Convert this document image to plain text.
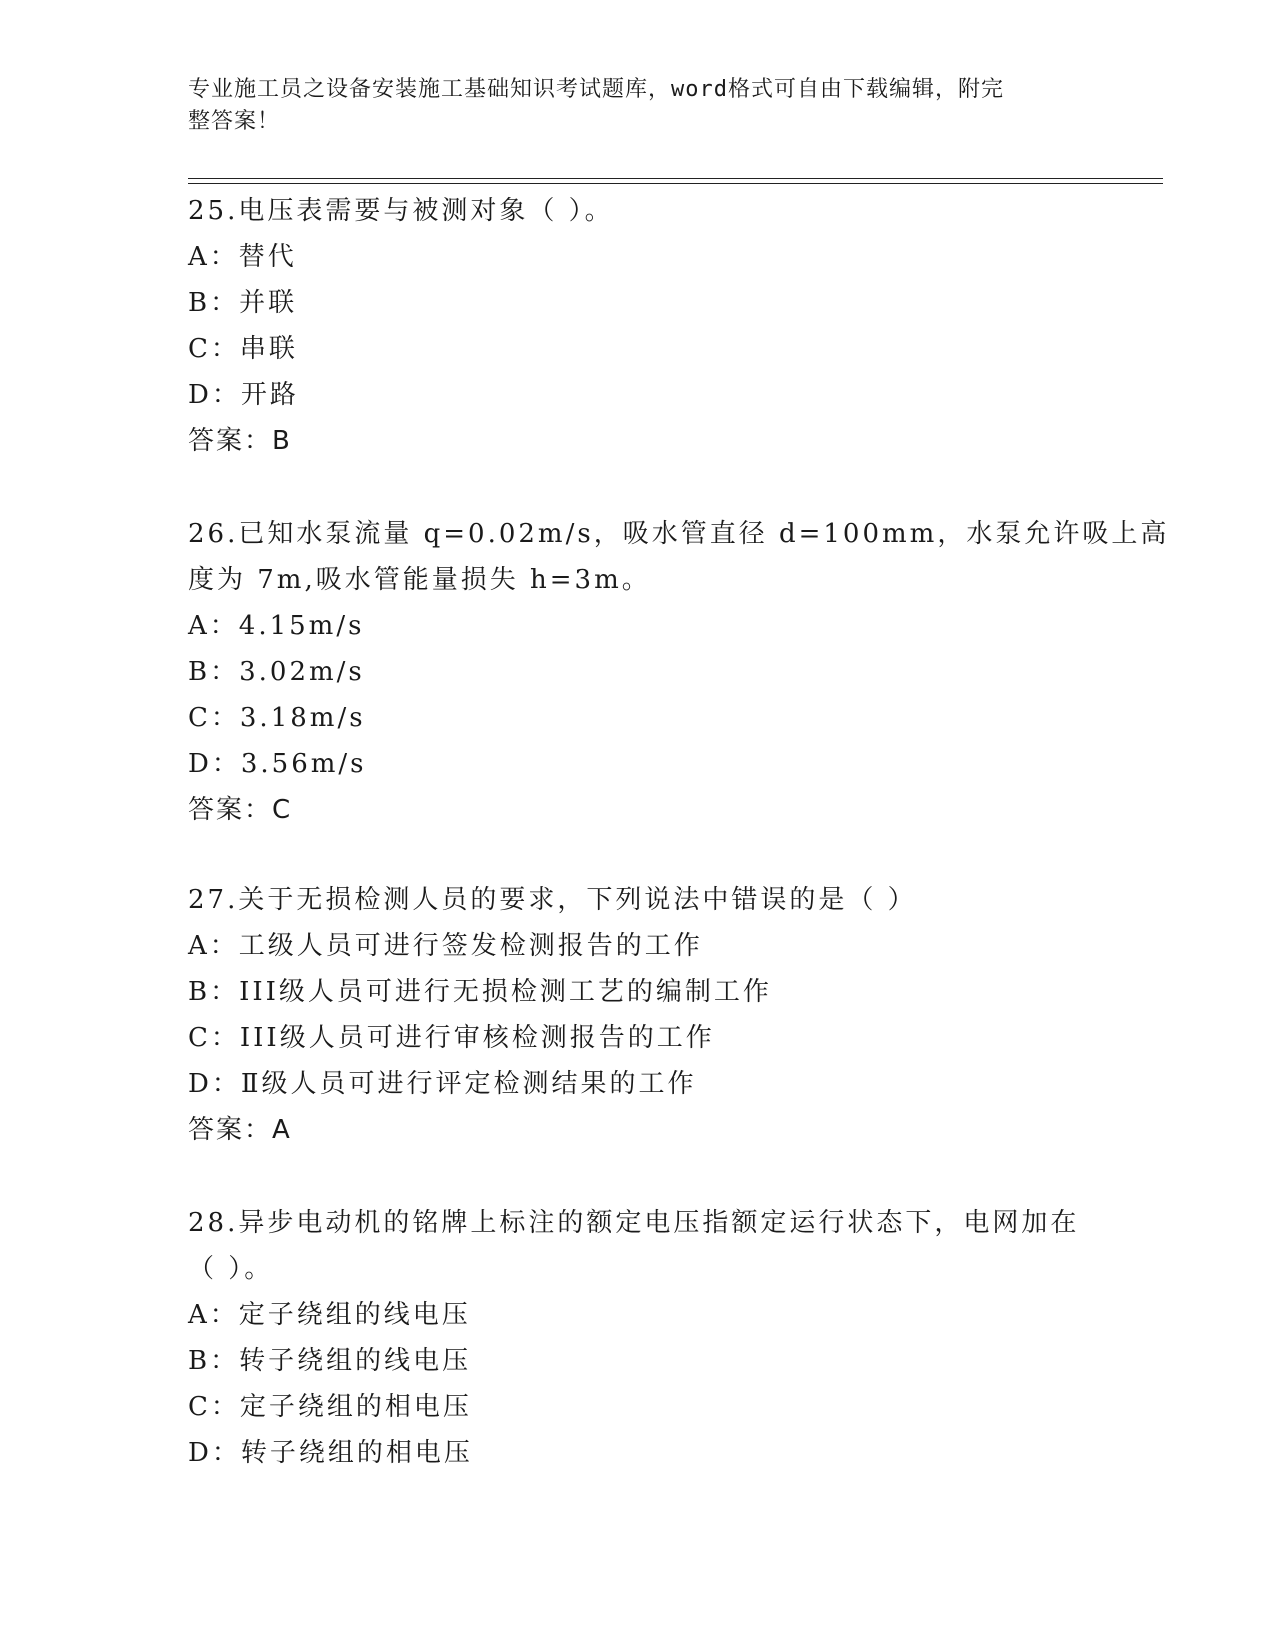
专业施工员之设备安装施工基础知识考试题库，word格式可自由下载编辑，附完
整答案！
25.电压表需要与被测对象（ ）。
A：替代
B：并联
C：串联
D：开路
答案：B
26.已知水泵流量 q=0.02m/s，吸水管直径 d=100mm，水泵允许吸上高
度为 7m,吸水管能量损失 h=3m。
A：4.15m/s
B：3.02m/s
C：3.18m/s
D：3.56m/s
答案：C
27.关于无损检测人员的要求，下列说法中错误的是（ ）
A：工级人员可进行签发检测报告的工作
B：III级人员可进行无损检测工艺的编制工作
C：III级人员可进行审核检测报告的工作
D：Ⅱ级人员可进行评定检测结果的工作
答案：A
28.异步电动机的铭牌上标注的额定电压指额定运行状态下，电网加在
（ ）。
A：定子绕组的线电压
B：转子绕组的线电压
C：定子绕组的相电压
D：转子绕组的相电压
